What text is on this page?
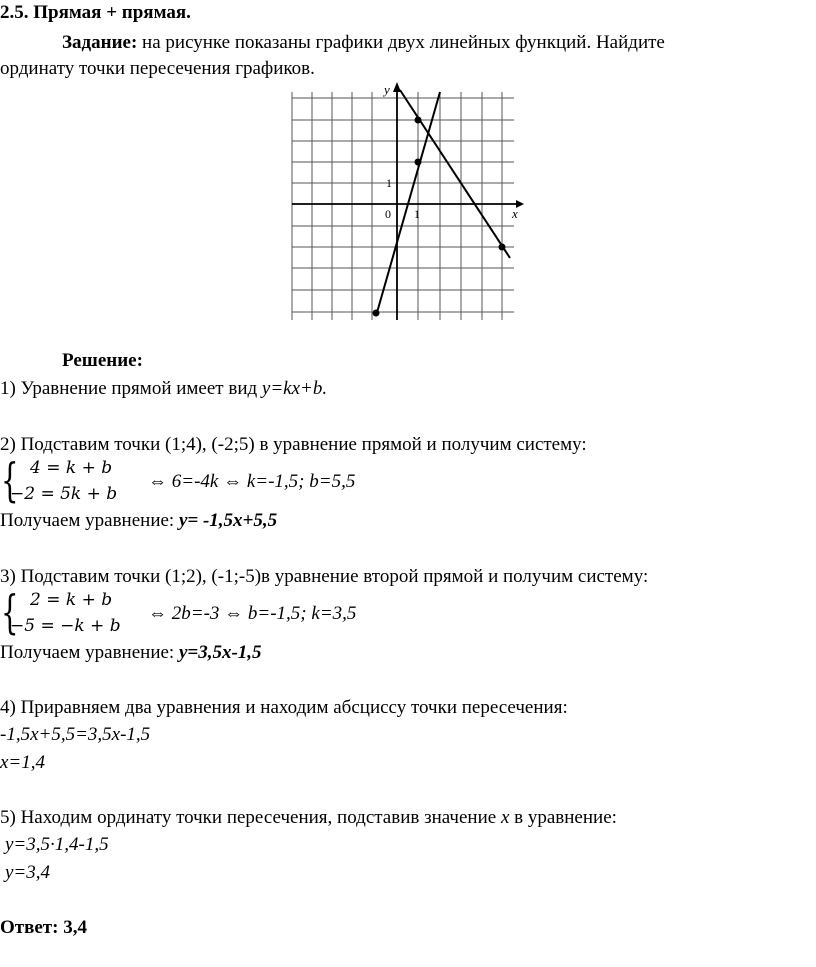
2.5. Прямая + прямая.
Задание: на рисунке показаны графики двух линейных функций. Найдите
ординату точки пересечения графиков.
y
x
0 1
1
Решение:
1) Уравнение прямой имеет вид y=kx+b.
2) Подставим точки (1;4), (-2;5) в уравнение прямой и получим систему:
{ 4 = k + b
−2 = 5k + b
⇔ 6=-4k ⇔ k=-1,5; b=5,5
Получаем уравнение: y= -1,5x+5,5
3) Подставим точки (1;2), (-1;-5)в уравнение второй прямой и получим систему:
{ 2 = k + b
−5 = −k + b
⇔ 2b=-3 ⇔ b=-1,5; k=3,5
Получаем уравнение: y=3,5x-1,5
4) Приравняем два уравнения и находим абсциссу точки пересечения:
-1,5x+5,5=3,5x-1,5
x=1,4
5) Находим ординату точки пересечения, подставив значение x в уравнение:
y=3,5·1,4-1,5
y=3,4
Ответ: 3,4
